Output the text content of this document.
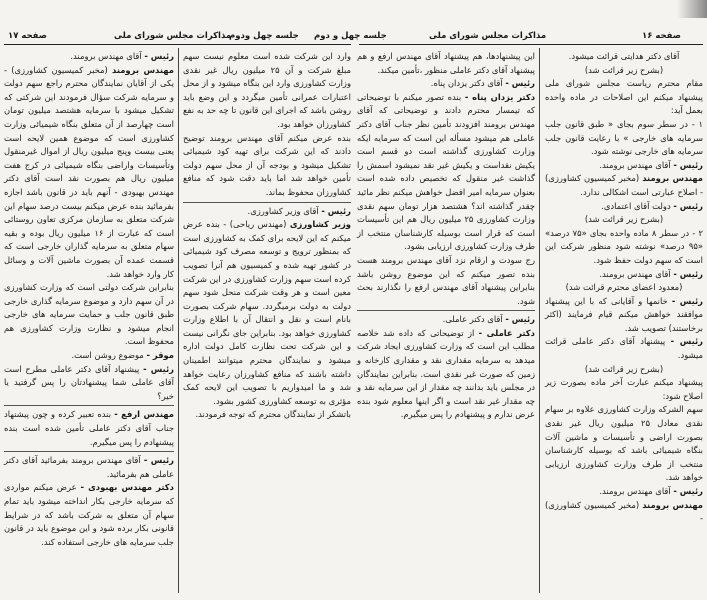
صفحه ۱۷	مذاکرات مجلس شورای ملی
جلسه چهل ودوم

رئیس - آقای مهندس برومند.

مهندس برومند (مخبر کمیسیون کشاورزی) - یکی از آقایان نمایندگان محترم راجع سهم دولت و سرمایه شرکت سؤال فرمودند این شرکتی که تشکیل میشود با سرمایه هشتصد میلیون تومان است چهارصد از آن متعلق بنگاه شیمیائی وزارت کشاورزی است که موضوع همین لایحه است یعنی بیست وپنج میلیون ریال از اموال غیرمنقول وتأسیسات واراضی بنگاه شیمیائی در کرج هفت میلیون ریال هم بصورت نقد است آقای دکتر مهندس بهبودی - آنهم باید در قانون باشد اجازه بفرمائید بنده عرض میکنم بیست درصد سهام این شرکت متعلق به سازمان مرکزی تعاون روستائی است که عبارت از ۱۶ میلیون ریال بوده و بقیه سهام متعلق به سرمایه گذاران خارجی است که قسمت عمده آن بصورت ماشین آلات و وسائل کار وارد خواهد شد.

بنابراین شرکت دولتی است که وزارت کشاورزی در آن سهم دارد و موضوع سرمایه گذاری خارجی طبق قانون جلب و حمایت سرمایه های خارجی انجام میشود و نظارت وزارت کشاورزی هم محفوظ است.

موقر - موضوع روشن است.

رئیس - پیشنهاد آقای دکتر عاملی مطرح است آقای عاملی شما پیشنهادتان را پس گرفتید یا خیر؟

مهندس ارفع - بنده تعبیر کرده و چون پیشنهاد جناب آقای دکتر عاملی تأمین شده است بنده پیشنهادم را پس میگیرم.

رئیس - آقای مهندس برومند بفرمائید آقای دکتر عاملی هم بفرمائید.

دکتر مهندس بهبودی - عرض میکنم مواردی که سرمایه خارجی بکار انداخته میشود باید تمام سهام آن متعلق به شرکت باشد که در شرایط قانونی بکار برده شود و این موضوع باید در قانون جلب سرمایه های خارجی استفاده کند.

وارد این شرکت شده است معلوم نیست سهم مبلغ شرکت و آن ۲۵ میلیون ریال غیر نقدی وزارت کشاورزی وارد این بنگاه میشود و از محل اعتبارات عمرانی تأمین میگردد و این وضع باید روشن باشد که اجرای این قانون تا چه حد به نفع کشاورزان خواهد بود.

بنده عرض میکنم آقای مهندس برومند توضیح دادند که این شرکت برای تهیه کود شیمیائی تشکیل میشود و بودجه آن از محل سهم دولت تأمین خواهد شد اما باید دقت شود که منافع کشاورزان محفوظ بماند.

رئیس - آقای وزیر کشاورزی.

وزیر کشاورزی (مهندس ریاحی) - بنده عرض میکنم که این لایحه برای کمک به کشاورزی است که بمنظور ترویج و توسعه مصرف کود شیمیائی در کشور تهیه شده و کمیسیون هم آنرا تصویب کرده است سهم وزارت کشاورزی در این شرکت معین است و هر وقت شرکت منحل شود سهم دولت به دولت برمیگردد. سهام شرکت بصورت بانام است و نقل و انتقال آن با اطلاع وزارت کشاورزی خواهد بود. بنابراین جای نگرانی نیست و این شرکت تحت نظارت کامل دولت اداره میشود و نمایندگان محترم میتوانند اطمینان داشته باشند که منافع کشاورزان رعایت خواهد شد و ما امیدواریم با تصویب این لایحه کمک مؤثری به توسعه کشاورزی کشور بشود.

باتشکر از نمایندگان محترم که توجه فرمودند.

جلسه چهل و دوم	مذاکرات مجلس شورای ملی	صفحه ۱۶

این پیشنهادها، هم پیشنهاد آقای مهندس ارفع و هم پیشنهاد آقای دکتر عاملی منظور ،تأمین میکند.

رئیس - آقای دکتر یزدان پناه.

دکتر یزدان پناه - بنده تصور میکنم با توضیحاتی که تیمسار محترم دادند و توضیحاتی که آقای مهندس برومند افزودند تأمین نظر جناب آقای دکتر عاملی هم میشود مسأله این است که سرمایه ایکه وزارت کشاورزی گذاشته است دو قسم است یکیش نقداست و یکیش غیر نقد نمیشود اسمش را گذاشت غیر منقول که تخصیص داده شده است بعنوان سرمایه امیر افضل خواهش میکنم نظر مائید چقدر گذاشته اند؟ هشتصد هزار تومان سهم نقدی وزارت کشاورزی ۲۵ میلیون ریال هم این تأسیسات است که قرار است بوسیله کارشناسان منتخب از طرف وزارت کشاورزی ارزیابی بشود.

رج سودت و ارقام نزد آقای مهندس برومند هست بنده تصور میکنم که این موضوع روشن باشد بنابراین پیشنهاد آقای مهندس ارفع را نگذارند بحث شود.

رئیس - آقای دکتر عاملی.

دکتر عاملی - از توضیحاتی که داده شد خلاصه مطلب این است که وزارت کشاورزی ایجاد شرکت میدهد به سرمایه مقداری نقد و مقداری کارخانه و زمین که صورت غیر نقدی است. بنابراین نمایندگان در مجلس باید بدانند چه مقدار از این سرمایه نقد و چه مقدار غیر نقد است و اگر اینها معلوم شود بنده عرض ندارم و پیشنهادم را پس میگیرم.

آقای دکتر هدایتی قرائت میشود.

(بشرح زیر قرائت شد)

مقام محترم ریاست مجلس شورای ملی پیشنهاد میکنم این اصلاحات در ماده واحده بعمل آید:

۱ - در سطر سوم بجای « طبق قانون جلب سرمایه های خارجی » با رعایت قانون جلب سرمایه های خارجی نوشته شود.

رئیس - آقای مهندس برومند.

مهندس برومند (مخبر کمیسیون کشاورزی) - اصلاح عبارتی است اشکالی ندارد.

رئیس - دولت آقای اعتمادی.

(بشرح زیر قرائت شد)

۲ - در سطر ۸ ماده واحده بجای «۷۵ درصد» «۹۵ درصد» نوشته شود منظور شرکت این است که سهم دولت حفظ شود.

رئیس - آقای مهندس برومند.

(معدود اعضای محترم قرائت شد)

رئیس - خانمها و آقایانی که با این پیشنهاد موافقند خواهش میکنم قیام فرمایند (اکثر برخاستند) تصویب شد.

رئیس - پیشنهاد آقای دکتر عاملی قرائت میشود.

(بشرح زیر قرائت شد)

پیشنهاد میکنم عبارت آخر ماده بصورت زیر اصلاح شود:

سهم الشرکه وزارت کشاورزی علاوه بر سهام نقدی معادل ۲۵ میلیون ریال غیر نقدی بصورت اراضی و تأسیسات و ماشین آلات بنگاه شیمیائی باشد که بوسیله کارشناسان منتخب از طرف وزارت کشاورزی ارزیابی خواهد شد.

رئیس - آقای مهندس برومند.

مهندس برومند (مخبر کمیسیون کشاورزی) -
